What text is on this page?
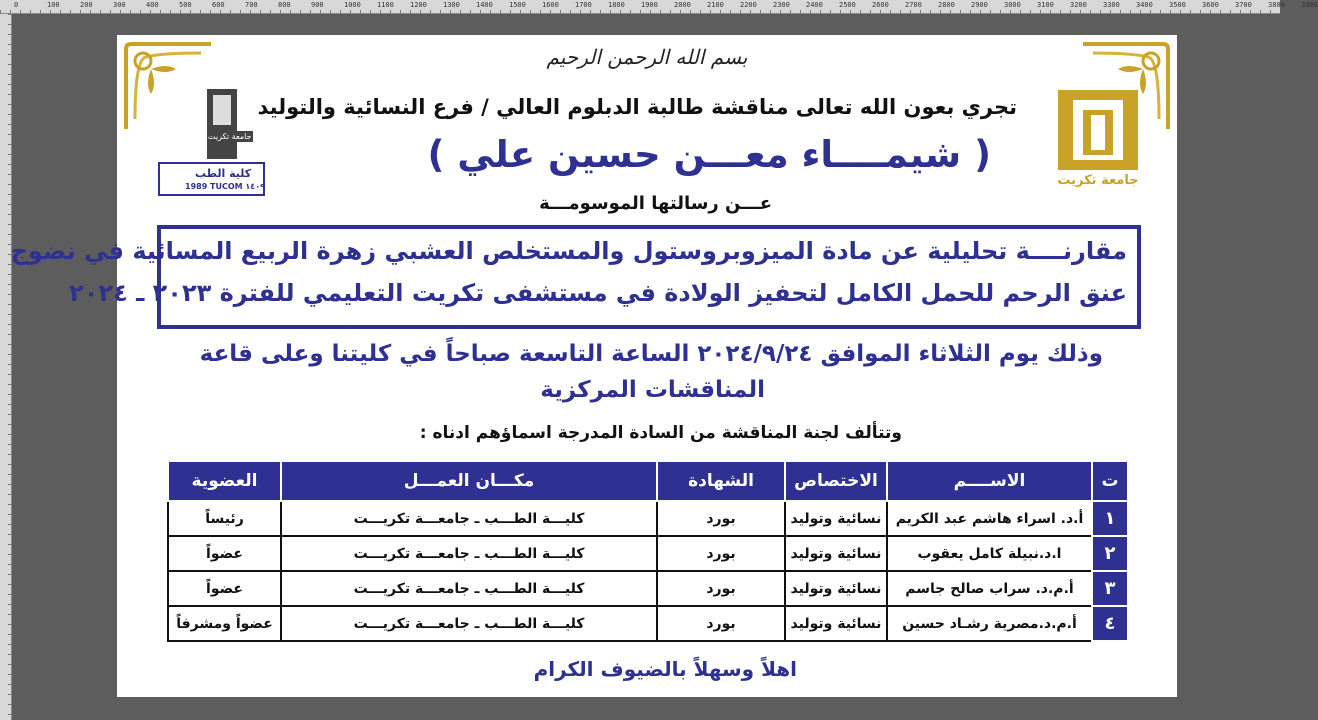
0	100	200	300	400	500	600	700	800	900	1000 1100 1200 1300 1400 1500 1600 1700 1800 1900 2000 2100 2200 2300 2400 2500 2600 2700 2800 2900 3000 3100 3200 3300 3400 3500 3600 3700 3800 3900
بسم الله الرحمن الرحيم
جامعة تكريت
كلية الطب
1989 TUCOM ١٤٠٩	جامعة تكريت
تجري بعون الله تعالى مناقشة طالبة الدبلوم العالي / فرع النسائية والتوليد
( شيمــــاء معـــن حسين علي )
عـــن رسالتها الموسومـــة
مقارنــــة تحليلية عن مادة الميزوبروستول والمستخلص العشبي زهرة الربيع المسائية في نضوج
عنق الرحم للحمل الكامل لتحفيز الولادة في مستشفى تكريت التعليمي للفترة ٢٠٢٣ ـ ٢٠٢٤
وذلك يوم الثلاثاء الموافق ٢٠٢٤/٩/٢٤ الساعة التاسعة صباحاً في كليتنا وعلى قاعة
المناقشات المركزية
وتتألف لجنة المناقشة من السادة المدرجة اسماؤهم ادناه :
ت	الاســــم	الاختصاص	الشهادة	مكـــان العمـــل	العضوية
١	أ.د. اسراء هاشم عبد الكريم	نسائية وتوليد	بورد	كليـــة الطـــب ـ جامعـــة تكريـــت	رئيساً
٢	ا.د.نبيلة كامل يعقوب	نسائية وتوليد	بورد	كليـــة الطـــب ـ جامعـــة تكريـــت	عضواً
٣	أ.م.د. سراب صالح جاسم	نسائية وتوليد	بورد	كليـــة الطـــب ـ جامعـــة تكريـــت	عضواً
٤	أ.م.د.مصرية رشـاد حسين	نسائية وتوليد	بورد	كليـــة الطـــب ـ جامعـــة تكريـــت	عضواً ومشرفاً
اهلاً وسهلاً بالضيوف الكرام
